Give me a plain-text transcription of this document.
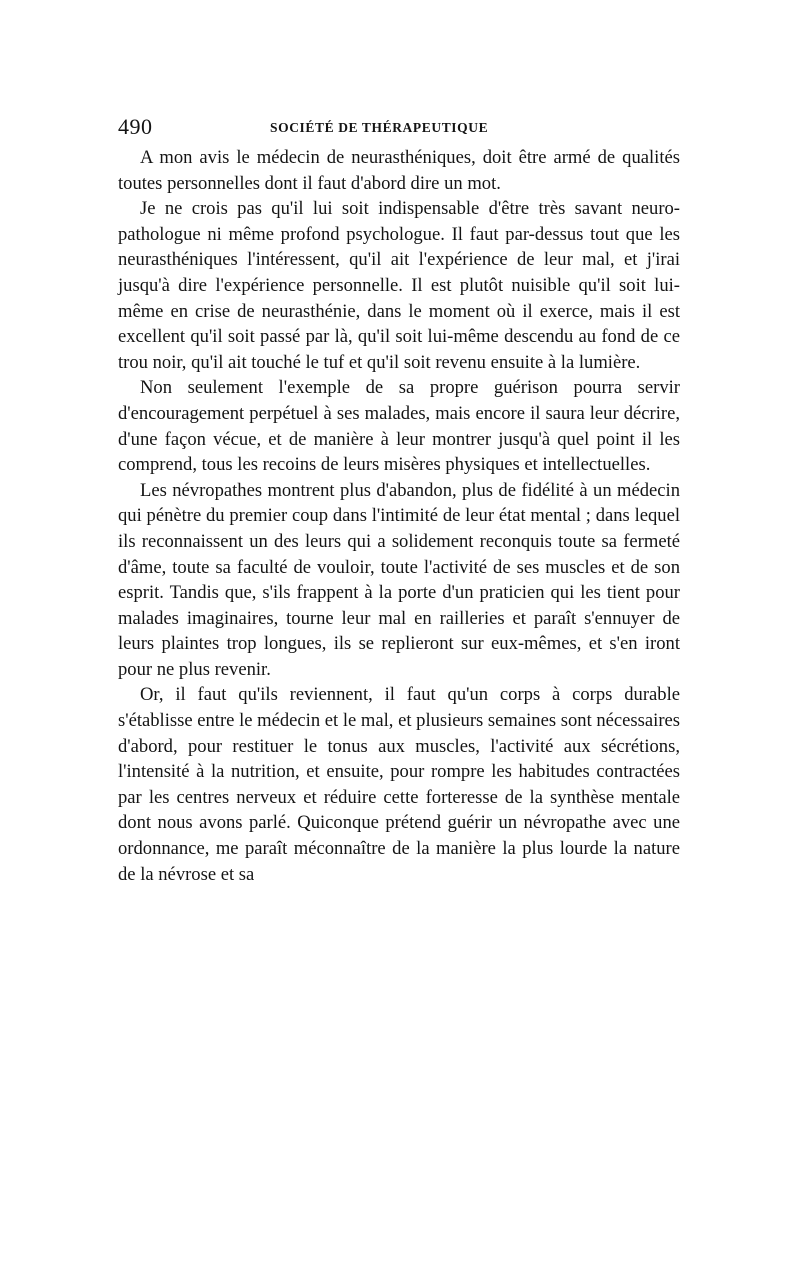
490	SOCIÉTÉ DE THÉRAPEUTIQUE

A mon avis le médecin de neurasthéniques, doit être armé de qualités toutes personnelles dont il faut d'abord dire un mot.

Je ne crois pas qu'il lui soit indispensable d'être très savant neuro-pathologue ni même profond psychologue. Il faut par-dessus tout que les neurasthéniques l'intéressent, qu'il ait l'expérience de leur mal, et j'irai jusqu'à dire l'expérience personnelle. Il est plutôt nuisible qu'il soit lui-même en crise de neurasthénie, dans le moment où il exerce, mais il est excellent qu'il soit passé par là, qu'il soit lui-même descendu au fond de ce trou noir, qu'il ait touché le tuf et qu'il soit revenu ensuite à la lumière.

Non seulement l'exemple de sa propre guérison pourra servir d'encouragement perpétuel à ses malades, mais encore il saura leur décrire, d'une façon vécue, et de manière à leur montrer jusqu'à quel point il les comprend, tous les recoins de leurs misères physiques et intellectuelles.

Les névropathes montrent plus d'abandon, plus de fidélité à un médecin qui pénètre du premier coup dans l'intimité de leur état mental ; dans lequel ils reconnaissent un des leurs qui a solidement reconquis toute sa fermeté d'âme, toute sa faculté de vouloir, toute l'activité de ses muscles et de son esprit. Tandis que, s'ils frappent à la porte d'un praticien qui les tient pour malades imaginaires, tourne leur mal en railleries et paraît s'ennuyer de leurs plaintes trop longues, ils se replieront sur eux-mêmes, et s'en iront pour ne plus revenir.

Or, il faut qu'ils reviennent, il faut qu'un corps à corps durable s'établisse entre le médecin et le mal, et plusieurs semaines sont nécessaires d'abord, pour restituer le tonus aux muscles, l'activité aux sécrétions, l'intensité à la nutrition, et ensuite, pour rompre les habitudes contractées par les centres nerveux et réduire cette forteresse de la synthèse mentale dont nous avons parlé. Quiconque prétend guérir un névropathe avec une ordonnance, me paraît méconnaître de la manière la plus lourde la nature de la névrose et sa
